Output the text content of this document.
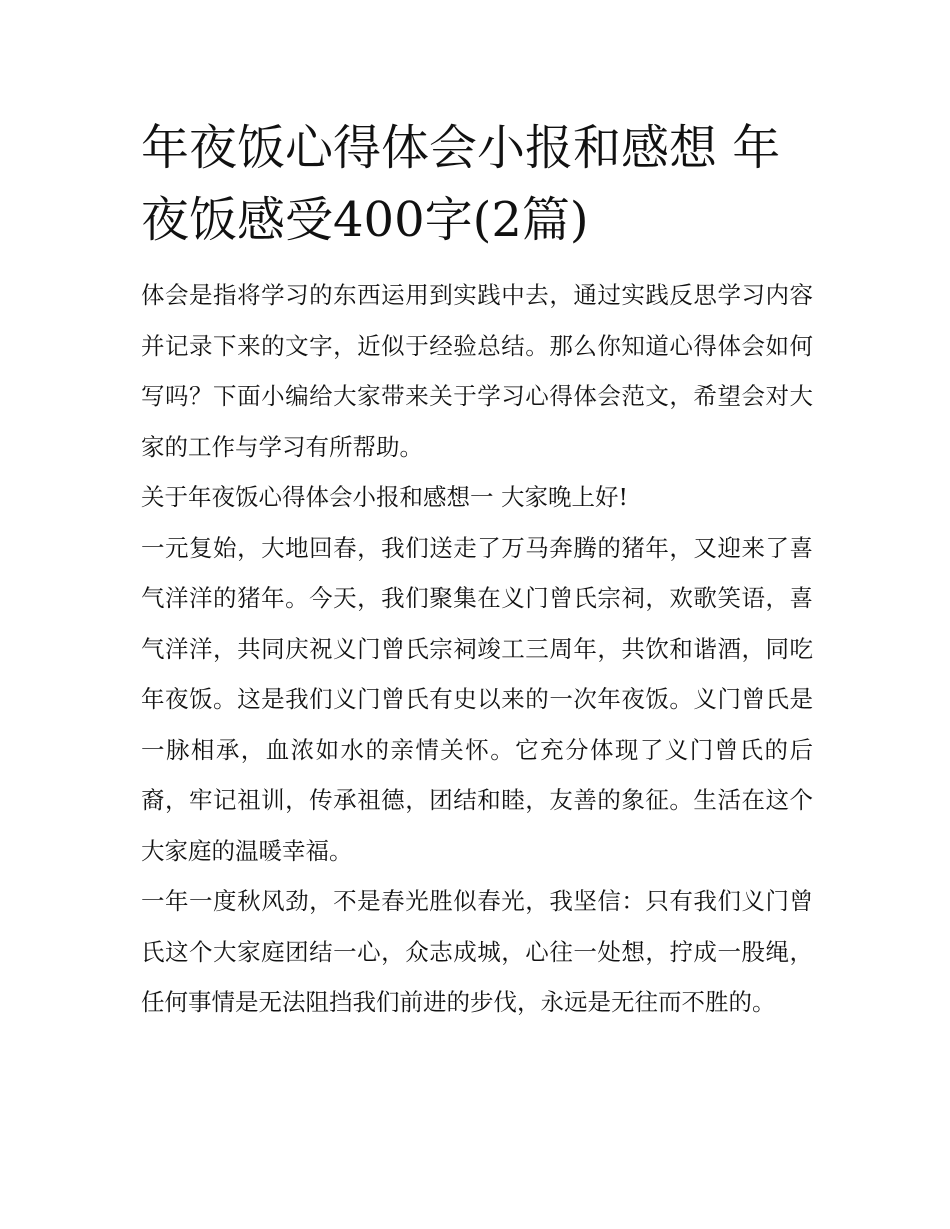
年夜饭心得体会小报和感想 年夜饭感受400字(2篇)

体会是指将学习的东西运用到实践中去，通过实践反思学习内容并记录下来的文字，近似于经验总结。那么你知道心得体会如何写吗？下面小编给大家带来关于学习心得体会范文，希望会对大家的工作与学习有所帮助。

关于年夜饭心得体会小报和感想一 大家晚上好!

一元复始，大地回春，我们送走了万马奔腾的猪年，又迎来了喜气洋洋的猪年。今天，我们聚集在义门曾氏宗祠，欢歌笑语，喜气洋洋，共同庆祝义门曾氏宗祠竣工三周年，共饮和谐酒，同吃年夜饭。这是我们义门曾氏有史以来的一次年夜饭。义门曾氏是一脉相承，血浓如水的亲情关怀。它充分体现了义门曾氏的后裔，牢记祖训，传承祖德，团结和睦，友善的象征。生活在这个大家庭的温暖幸福。

一年一度秋风劲，不是春光胜似春光，我坚信：只有我们义门曾氏这个大家庭团结一心，众志成城，心往一处想，拧成一股绳，任何事情是无法阻挡我们前进的步伐，永远是无往而不胜的。
